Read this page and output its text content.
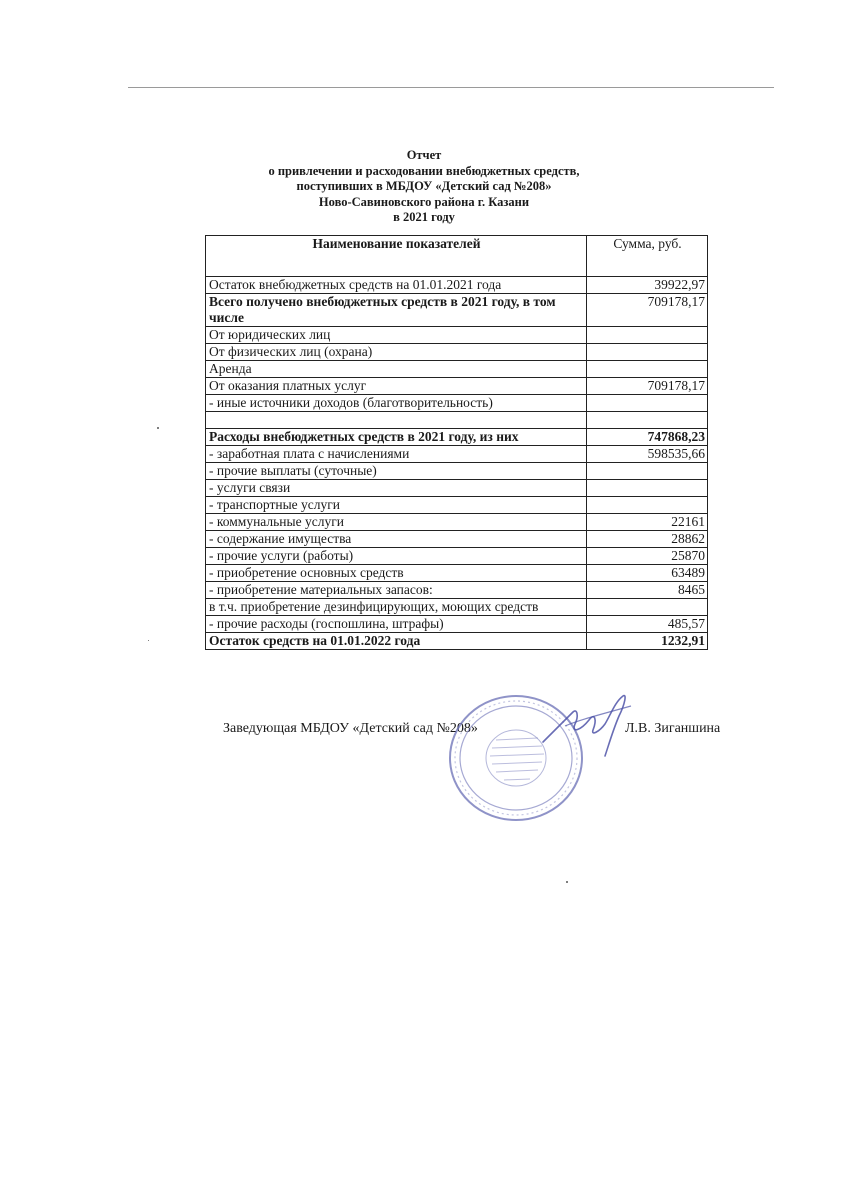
Отчет
о привлечении и расходовании внебюджетных средств,
поступивших в МБДОУ «Детский сад №208»
Ново-Савиновского района г. Казани
в 2021 году
Наименование показателей	Сумма, руб.
Остаток внебюджетных средств на 01.01.2021 года	39922,97
Всего получено внебюджетных средств в 2021 году, в том числе	709178,17
От юридических лиц	
От физических лиц (охрана)	
Аренда	
От оказания платных услуг	709178,17
- иные источники доходов (благотворительность)	

Расходы внебюджетных средств в 2021 году, из них	747868,23
- заработная плата с начислениями	598535,66
- прочие выплаты (суточные)	
- услуги связи	
- транспортные услуги	
- коммунальные услуги	22161
- содержание имущества	28862
- прочие услуги (работы)	25870
- приобретение основных средств	63489
- приобретение материальных запасов:	8465
в т.ч. приобретение дезинфицирующих, моющих средств	
- прочие расходы (госпошлина, штрафы)	485,57
Остаток средств на 01.01.2022 года	1232,91
Заведующая МБДОУ «Детский сад №208»	Л.В. Зиганшина
